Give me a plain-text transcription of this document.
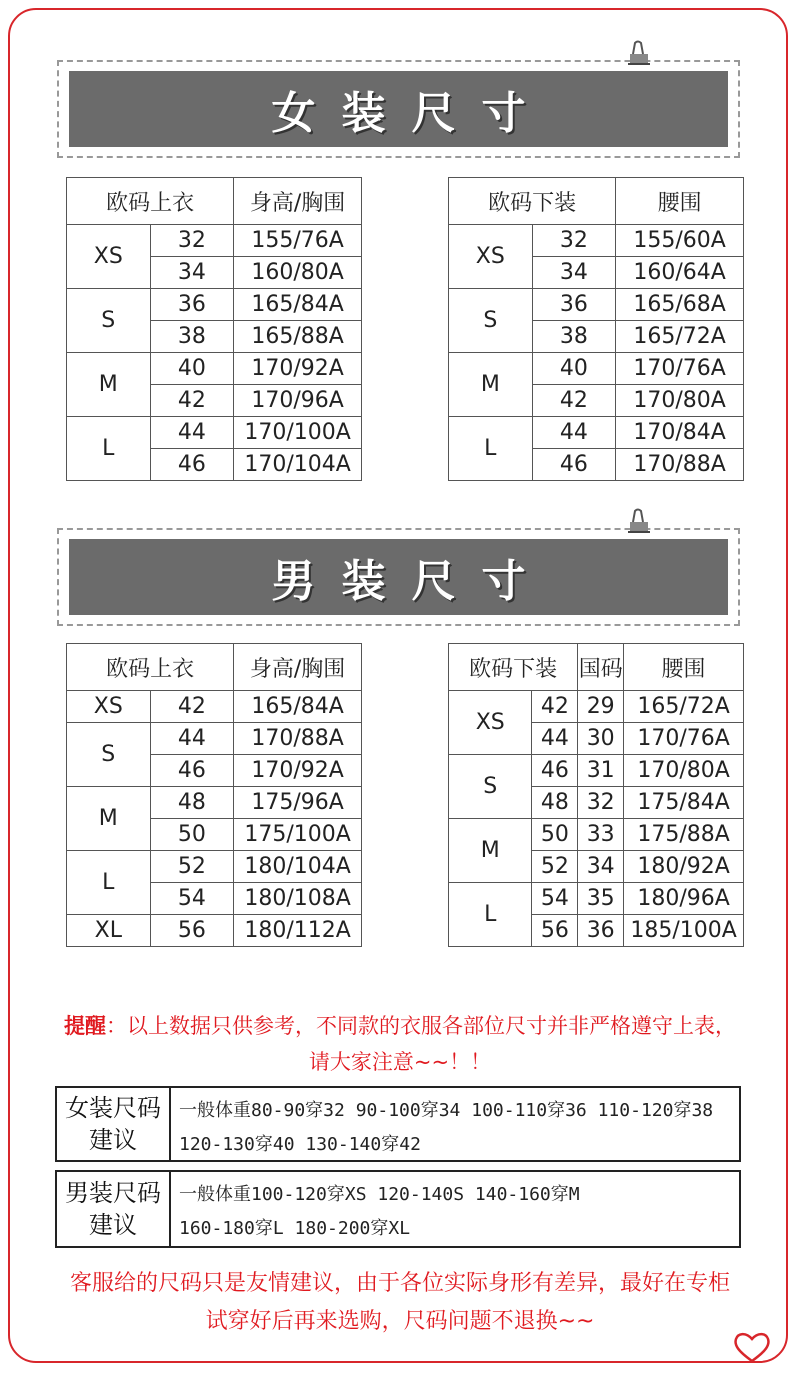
女装尺寸
欧码上衣		身高/胸围
XS	32	155/76A
	34	160/80A
S	36	165/84A
	38	165/88A
M	40	170/92A
	42	170/96A
L	44	170/100A
	46	170/104A
欧码下装		腰围
XS	32	155/60A
	34	160/64A
S	36	165/68A
	38	165/72A
M	40	170/76A
	42	170/80A
L	44	170/84A
	46	170/88A
男装尺寸
欧码上衣		身高/胸围
XS	42	165/84A
S	44	170/88A
	46	170/92A
M	48	175/96A
	50	175/100A
L	52	180/104A
	54	180/108A
XL	56	180/112A
欧码下装		国码	腰围
XS	42	29	165/72A
	44	30	170/76A
S	46	31	170/80A
	48	32	175/84A
M	50	33	175/88A
	52	34	180/92A
L	54	35	180/96A
	56	36	185/100A
提醒：以上数据只供参考，不同款的衣服各部位尺寸并非严格遵守上表，
请大家注意~~！！
女装尺码
建议
一般体重80-90穿32 90-100穿34 100-110穿36 110-120穿38
120-130穿40 130-140穿42
男装尺码
建议
一般体重100-120穿XS 120-140S 140-160穿M
160-180穿L 180-200穿XL
客服给的尺码只是友情建议，由于各位实际身形有差异，最好在专柜
试穿好后再来选购，尺码问题不退换~~
